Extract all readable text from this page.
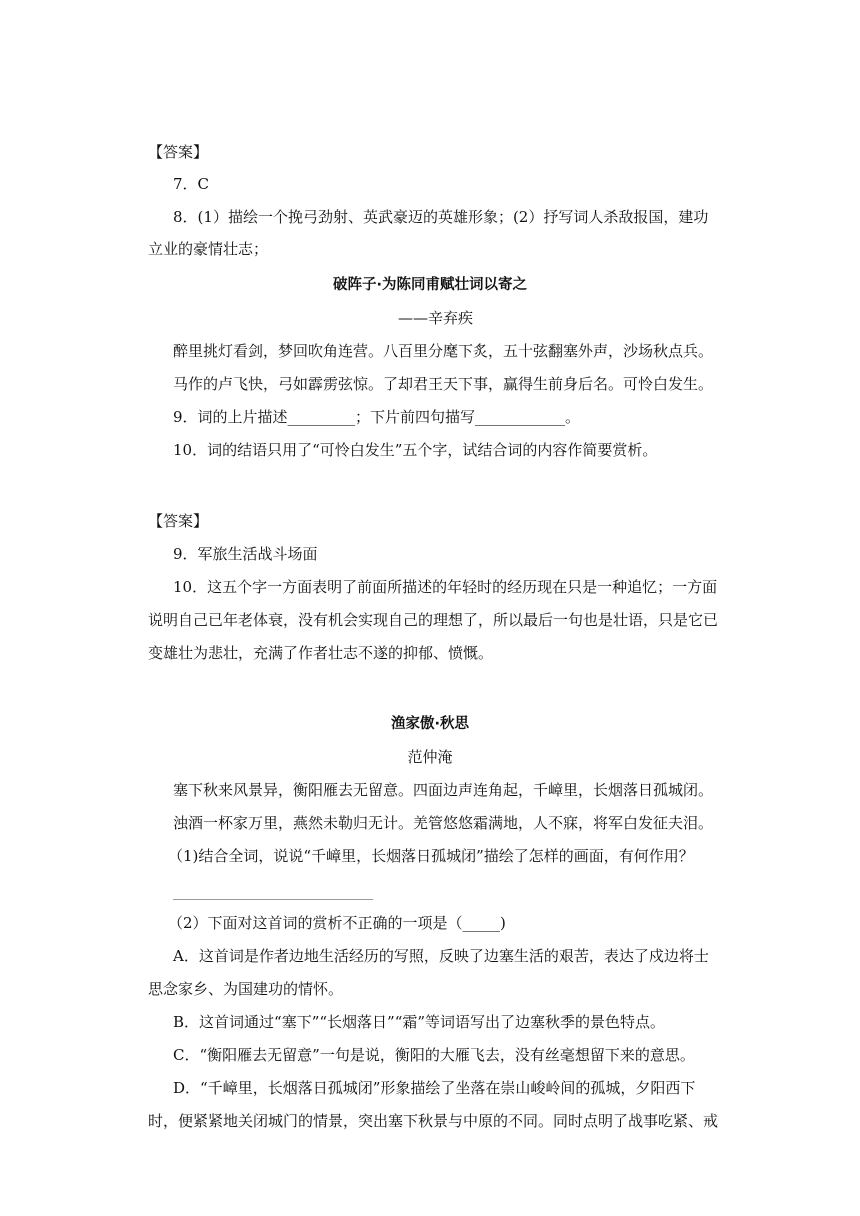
【答案】
7．C
8．(1）描绘一个挽弓劲射、英武豪迈的英雄形象；(2）抒写词人杀敌报国，建功
立业的豪情壮志；
破阵子·为陈同甫赋壮词以寄之
——辛弃疾
醉里挑灯看剑，梦回吹角连营。八百里分麾下炙，五十弦翻塞外声，沙场秋点兵。
马作的卢飞快，弓如霹雳弦惊。了却君王天下事，赢得生前身后名。可怜白发生。
9．词的上片描述_________；下片前四句描写____________。
10．词的结语只用了“可怜白发生”五个字，试结合词的内容作简要赏析。
【答案】
9．军旅生活战斗场面
10．这五个字一方面表明了前面所描述的年轻时的经历现在只是一种追忆；一方面
说明自己已年老体衰，没有机会实现自己的理想了，所以最后一句也是壮语，只是它已
变雄壮为悲壮，充满了作者壮志不遂的抑郁、愤慨。
渔家傲·秋思
范仲淹
塞下秋来风景异，衡阳雁去无留意。四面边声连角起，千嶂里，长烟落日孤城闭。
浊酒一杯家万里，燕然未勒归无计。羌管悠悠霜满地，人不寐，将军白发征夫泪。
（1)结合全词，说说“千嶂里，长烟落日孤城闭”描绘了怎样的画面，有何作用？
（2）下面对这首词的赏析不正确的一项是（_____)
A．这首词是作者边地生活经历的写照，反映了边塞生活的艰苦，表达了戍边将士
思念家乡、为国建功的情怀。
B．这首词通过“塞下”“长烟落日”“霜”等词语写出了边塞秋季的景色特点。
C．“衡阳雁去无留意”一句是说，衡阳的大雁飞去，没有丝毫想留下来的意思。
D．“千嶂里，长烟落日孤城闭”形象描绘了坐落在崇山峻岭间的孤城，夕阳西下
时，便紧紧地关闭城门的情景，突出塞下秋景与中原的不同。同时点明了战事吃紧、戒
